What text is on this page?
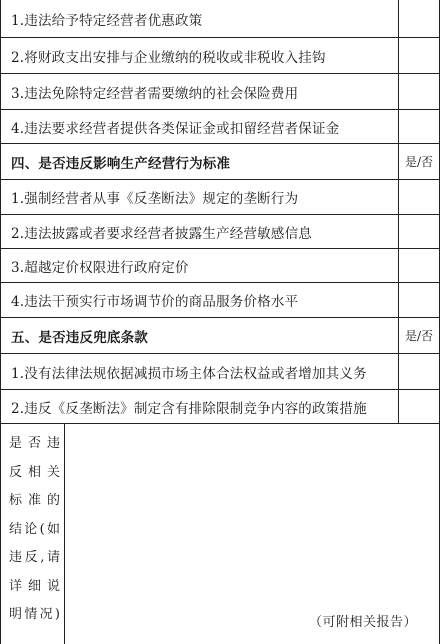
1.违法给予特定经营者优惠政策
2.将财政支出安排与企业缴纳的税收或非税收入挂钩
3.违法免除特定经营者需要缴纳的社会保险费用
4.违法要求经营者提供各类保证金或扣留经营者保证金
四、是否违反影响生产经营行为标准	是/否
1.强制经营者从事《反垄断法》规定的垄断行为
2.违法披露或者要求经营者披露生产经营敏感信息
3.超越定价权限进行政府定价
4.违法干预实行市场调节价的商品服务价格水平
五、是否违反兜底条款	是/否
1.没有法律法规依据减损市场主体合法权益或者增加其义务
2.违反《反垄断法》制定含有排除限制竞争内容的政策措施
是否违
反相关
标准的
结论(如
违反,请
详细说
明情况)
（可附相关报告）
